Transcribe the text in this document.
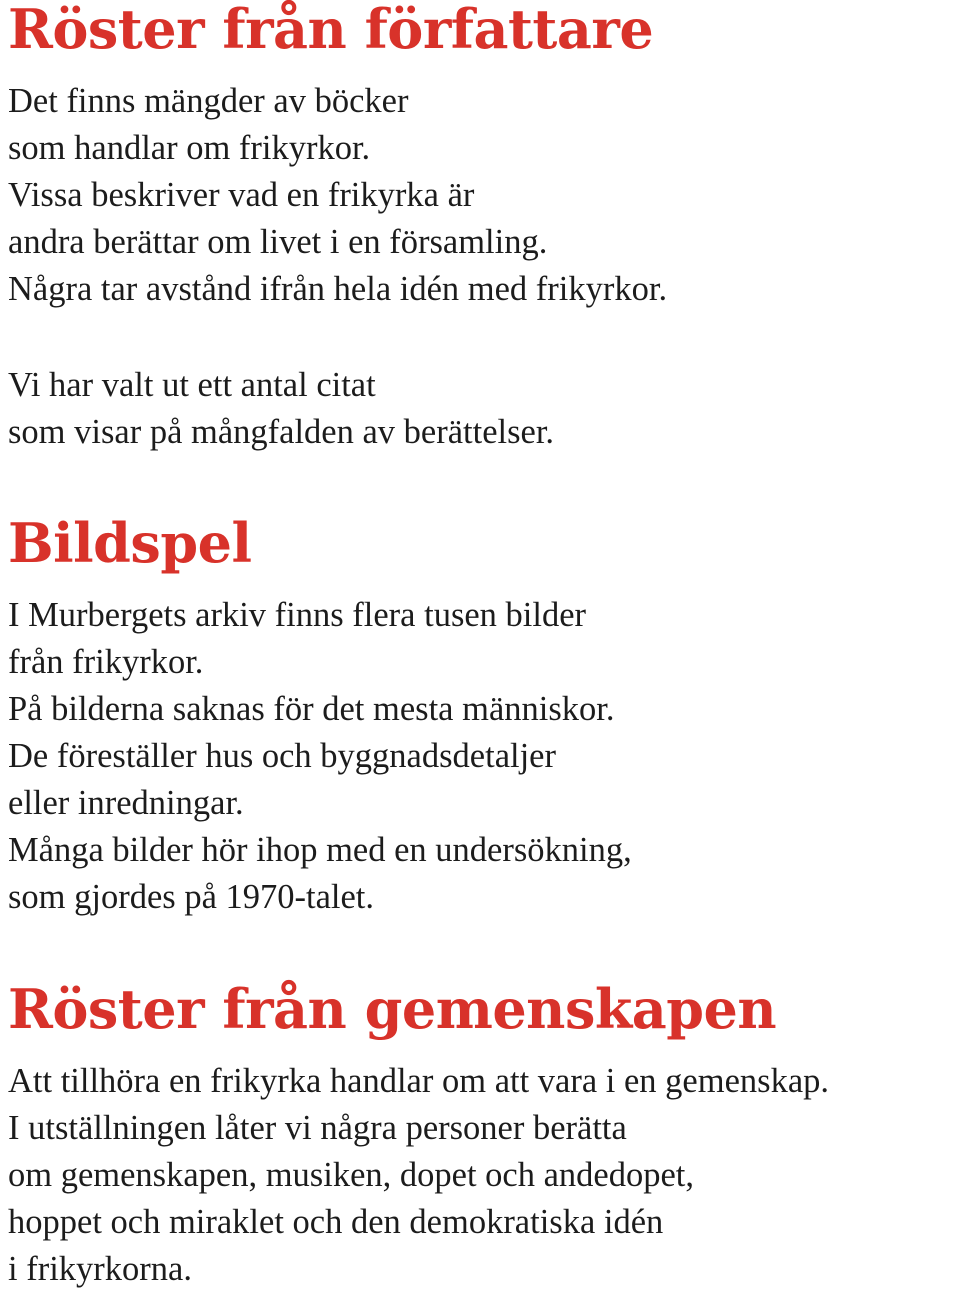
Röster från författare

Det finns mängder av böcker
som handlar om frikyrkor.
Vissa beskriver vad en frikyrka är
andra berättar om livet i en församling.
Några tar avstånd ifrån hela idén med frikyrkor.

Vi har valt ut ett antal citat
som visar på mångfalden av berättelser.

Bildspel

I Murbergets arkiv finns flera tusen bilder
från frikyrkor.
På bilderna saknas för det mesta människor.
De föreställer hus och byggnadsdetaljer
eller inredningar.
Många bilder hör ihop med en undersökning,
som gjordes på 1970-talet.

Röster från gemenskapen

Att tillhöra en frikyrka handlar om att vara i en gemenskap.
I utställningen låter vi några personer berätta
om gemenskapen, musiken, dopet och andedopet,
hoppet och miraklet och den demokratiska idén
i frikyrkorna.
